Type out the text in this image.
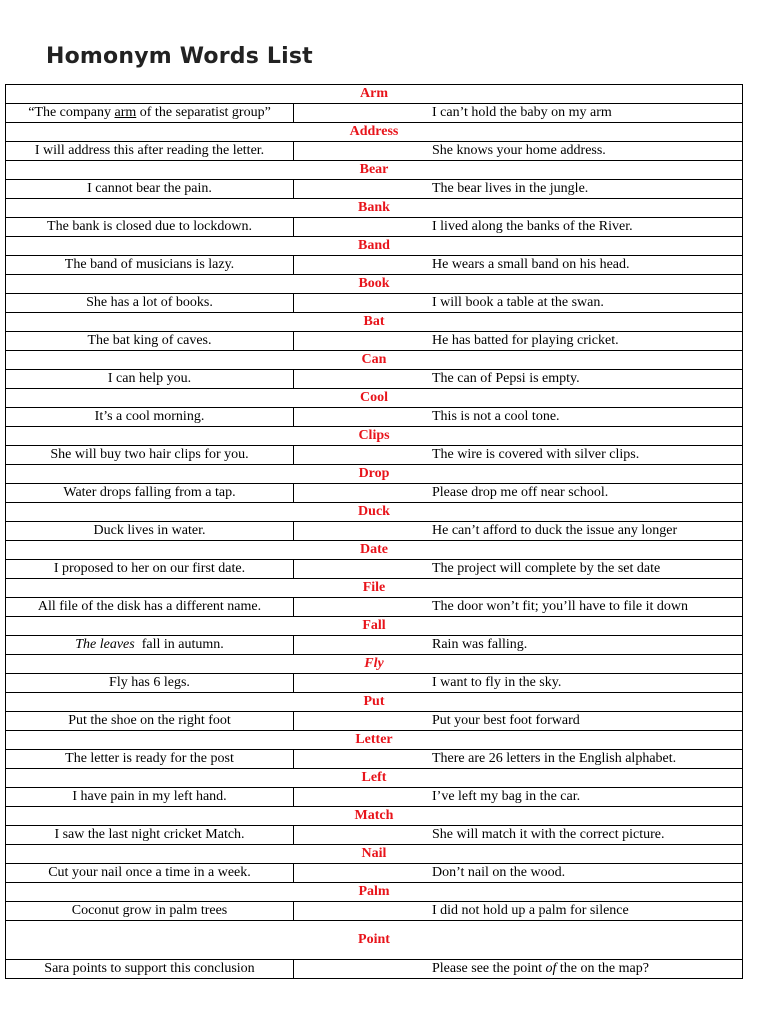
Homonym Words List
Arm	
“The company arm of the separatist group”	I can’t hold the baby on my arm
Address	
I will address this after reading the letter.	She knows your home address.
Bear	
I cannot bear the pain.	The bear lives in the jungle.
Bank	
The bank is closed due to lockdown.	I lived along the banks of the River.
Band	
The band of musicians is lazy.	He wears a small band on his head.
Book	
She has a lot of books.	I will book a table at the swan.
Bat	
The bat king of caves.	He has batted for playing cricket.
Can	
I can help you.	The can of Pepsi is empty.
Cool	
It’s a cool morning.	This is not a cool tone.
Clips	
She will buy two hair clips for you.	The wire is covered with silver clips.
Drop	
Water drops falling from a tap.	Please drop me off near school.
Duck	
Duck lives in water.	He can’t afford to duck the issue any longer
Date	
I proposed to her on our first date.	The project will complete by the set date
File	
All file of the disk has a different name.	The door won’t fit; you’ll have to file it down
Fall	
The leaves  fall in autumn.	Rain was falling.
Fly	
Fly has 6 legs.	I want to fly in the sky.
Put	
Put the shoe on the right foot	Put your best foot forward
Letter	
The letter is ready for the post	There are 26 letters in the English alphabet.
Left	
I have pain in my left hand.	I’ve left my bag in the car.
Match	
I saw the last night cricket Match.	She will match it with the correct picture.
Nail	
Cut your nail once a time in a week.	Don’t nail on the wood.
Palm	
Coconut grow in palm trees	I did not hold up a palm for silence
Point	
Sara points to support this conclusion	Please see the point of the on the map?
